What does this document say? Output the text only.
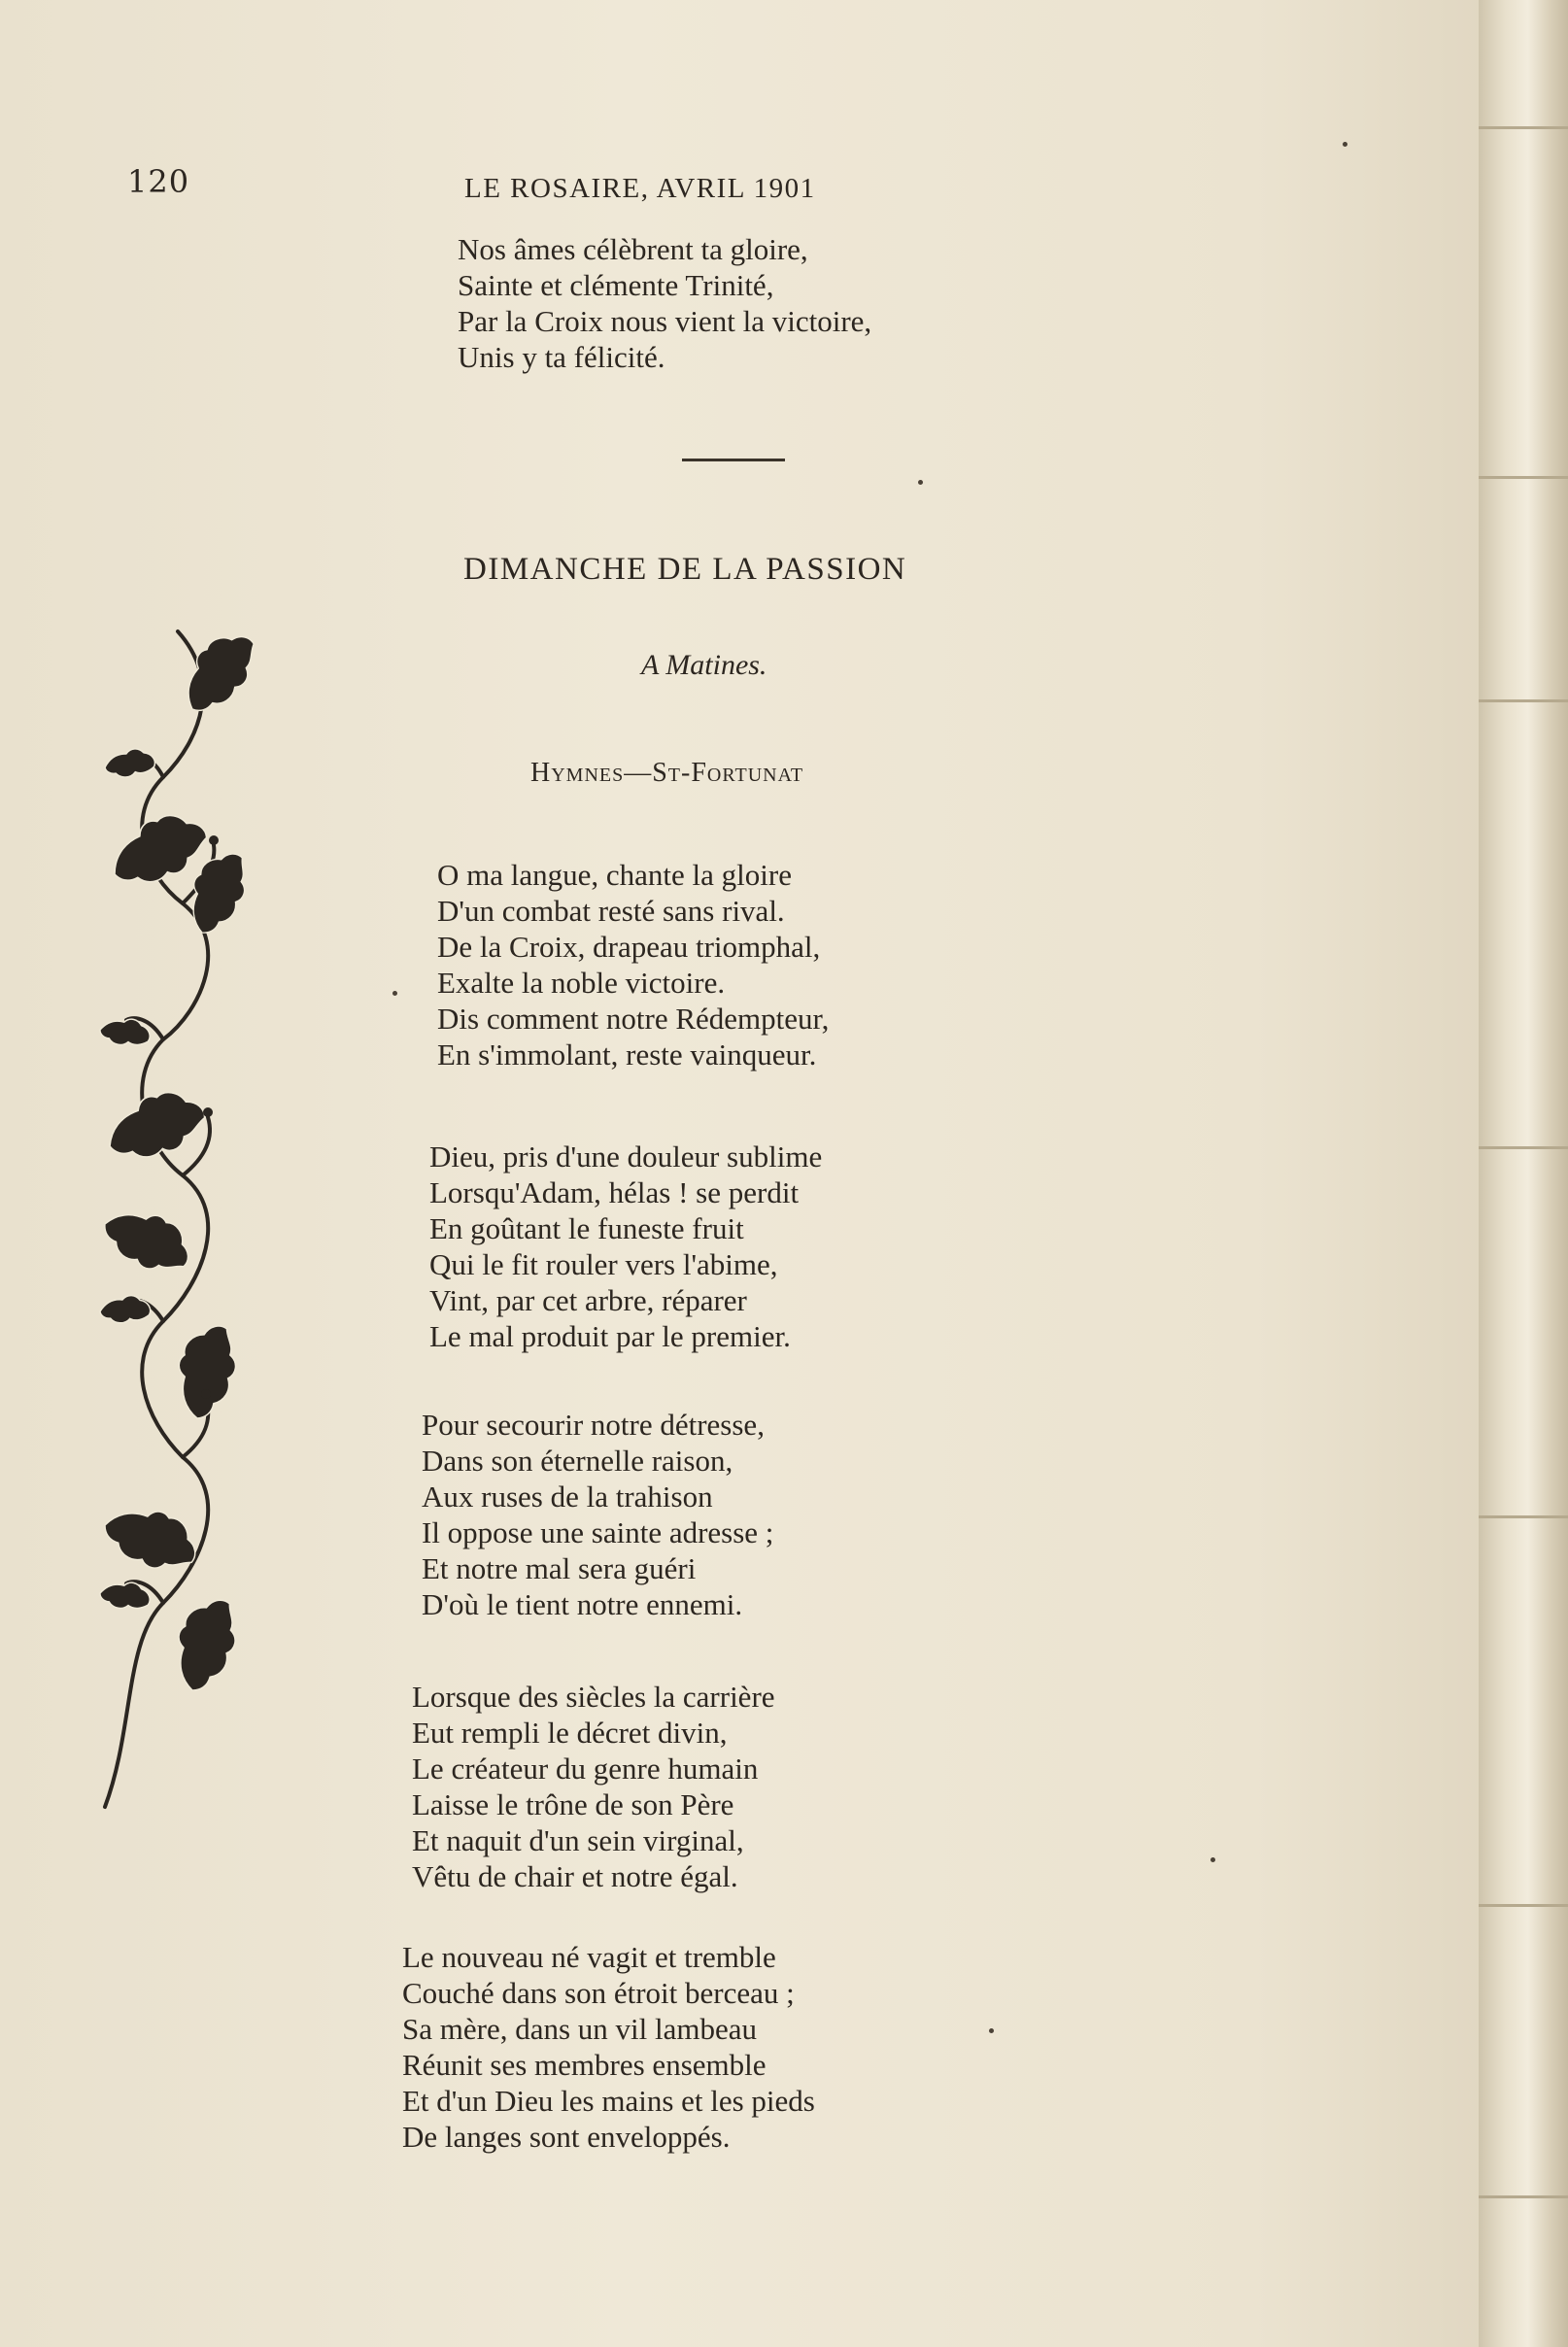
120	LE ROSAIRE, AVRIL 1901
Nos âmes célèbrent ta gloire,
Sainte et clémente Trinité,
Par la Croix nous vient la victoire,
Unis y ta félicité.
DIMANCHE DE LA PASSION
A Matines.
Hymnes—St-Fortunat
O ma langue, chante la gloire
D'un combat resté sans rival.
De la Croix, drapeau triomphal,
Exalte la noble victoire.
Dis comment notre Rédempteur,
En s'immolant, reste vainqueur.
Dieu, pris d'une douleur sublime
Lorsqu'Adam, hélas ! se perdit
En goûtant le funeste fruit
Qui le fit rouler vers l'abime,
Vint, par cet arbre, réparer
Le mal produit par le premier.
Pour secourir notre détresse,
Dans son éternelle raison,
Aux ruses de la trahison
Il oppose une sainte adresse ;
Et notre mal sera guéri
D'où le tient notre ennemi.
Lorsque des siècles la carrière
Eut rempli le décret divin,
Le créateur du genre humain
Laisse le trône de son Père
Et naquit d'un sein virginal,
Vêtu de chair et notre égal.
Le nouveau né vagit et tremble
Couché dans son étroit berceau ;
Sa mère, dans un vil lambeau
Réunit ses membres ensemble
Et d'un Dieu les mains et les pieds
De langes sont enveloppés.
